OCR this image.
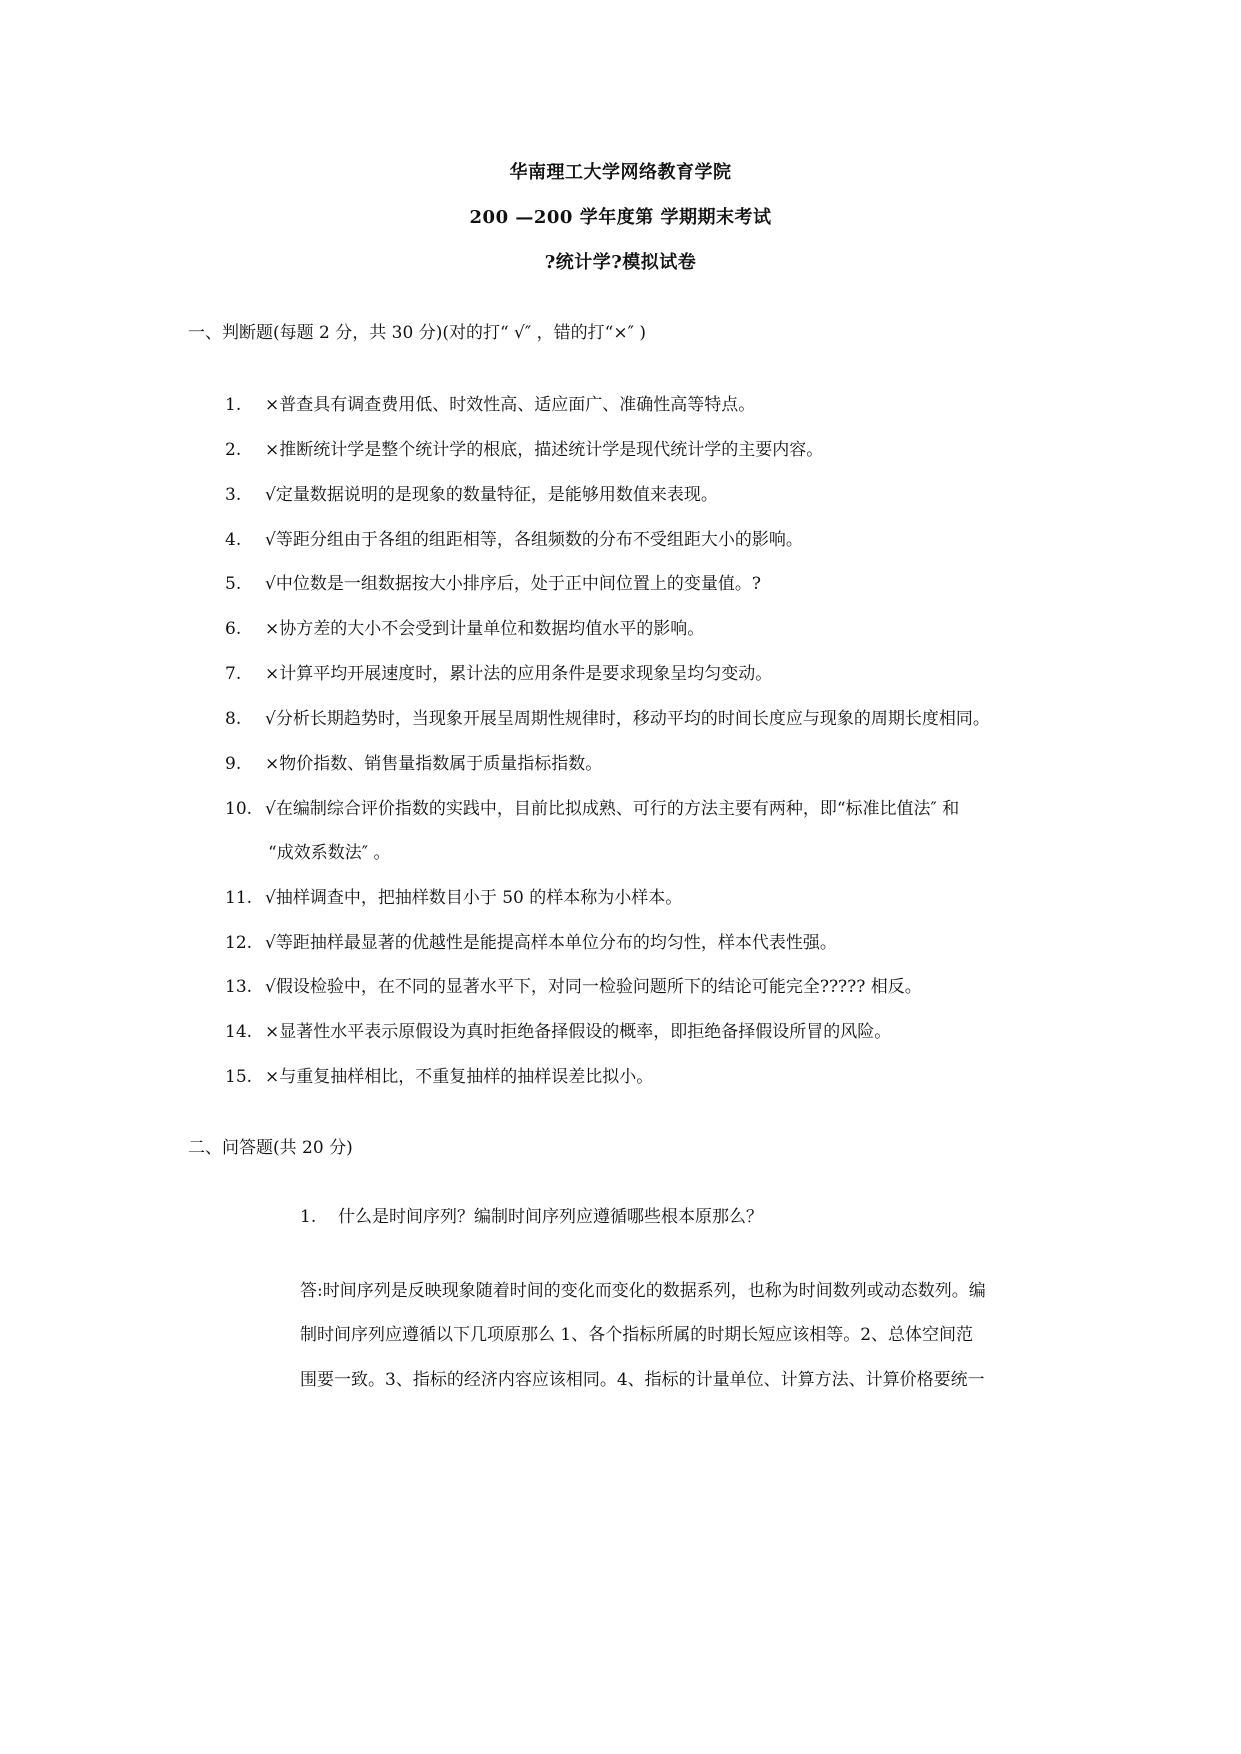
华南理工大学网络教育学院
200 —200 学年度第 学期期末考试
?统计学?模拟试卷
一、判断题(每题 2 分，共 30 分)(对的打“ √″ ，错的打“×″ )
1. ×普查具有调查费用低、时效性高、适应面广、准确性高等特点。
2. ×推断统计学是整个统计学的根底，描述统计学是现代统计学的主要内容。
3. √定量数据说明的是现象的数量特征，是能够用数值来表现。
4. √等距分组由于各组的组距相等，各组频数的分布不受组距大小的影响。
5. √中位数是一组数据按大小排序后，处于正中间位置上的变量值。?
6. ×协方差的大小不会受到计量单位和数据均值水平的影响。
7. ×计算平均开展速度时，累计法的应用条件是要求现象呈均匀变动。
8. √分析长期趋势时，当现象开展呈周期性规律时，移动平均的时间长度应与现象的周期长度相同。
9. ×物价指数、销售量指数属于质量指标指数。
10. √在编制综合评价指数的实践中，目前比拟成熟、可行的方法主要有两种，即“标准比值法″ 和
“成效系数法″ 。
11. √抽样调查中，把抽样数目小于 50 的样本称为小样本。
12. √等距抽样最显著的优越性是能提高样本单位分布的均匀性，样本代表性强。
13. √假设检验中，在不同的显著水平下，对同一检验问题所下的结论可能完全????? 相反。
14. ×显著性水平表示原假设为真时拒绝备择假设的概率，即拒绝备择假设所冒的风险。
15. ×与重复抽样相比，不重复抽样的抽样误差比拟小。
二、问答题(共 20 分)
1. 什么是时间序列？编制时间序列应遵循哪些根本原那么？
答:时间序列是反映现象随着时间的变化而变化的数据系列，也称为时间数列或动态数列。编
制时间序列应遵循以下几项原那么 1、各个指标所属的时期长短应该相等。2、总体空间范
围要一致。3、指标的经济内容应该相同。4、指标的计量单位、计算方法、计算价格要统一
